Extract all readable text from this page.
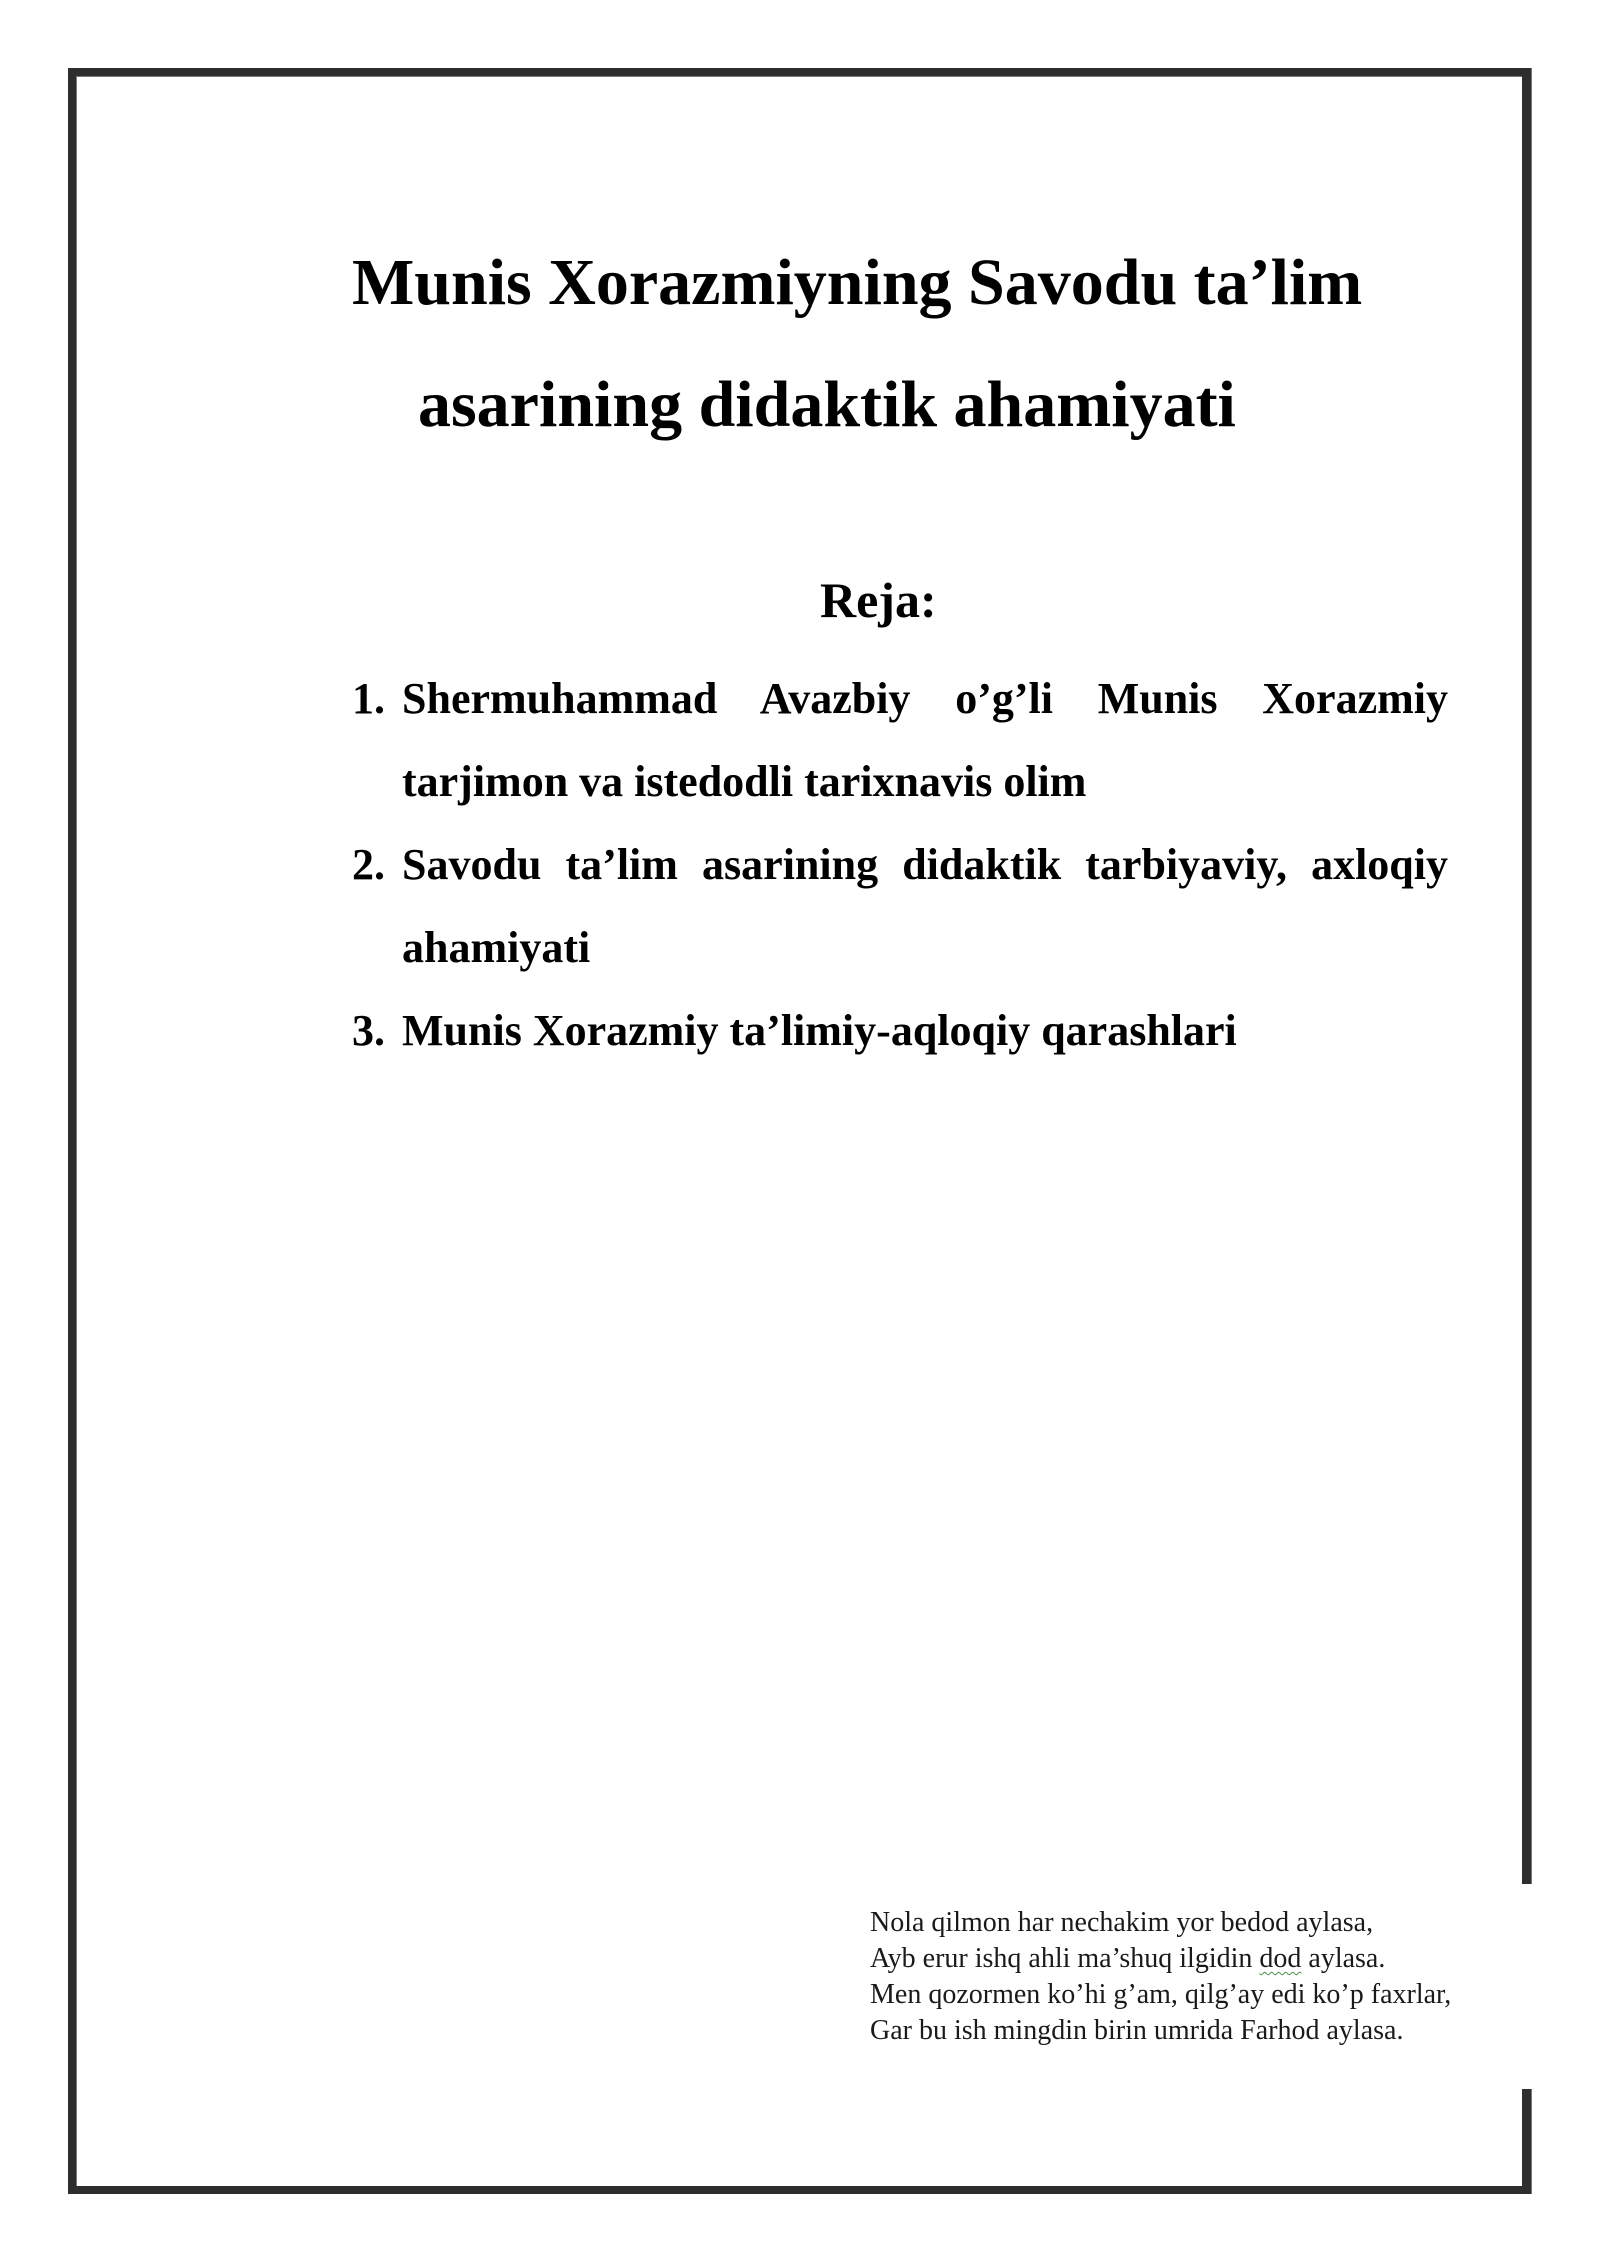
Munis Xorazmiyning Savodu ta’lim
asarining didaktik ahamiyati
Reja:
1. Shermuhammad Avazbiy o’g’li Munis Xorazmiy tarjimon va istedodli tarixnavis olim
2. Savodu ta’lim asarining didaktik tarbiyaviy, axloqiy ahamiyati
3. Munis Xorazmiy ta’limiy-aqloqiy qarashlari
Nola qilmon har nechakim yor bedod aylasa,
Ayb erur ishq ahli ma’shuq ilgidin dod aylasa.
Men qozormen ko’hi g’am, qilg’ay edi ko’p faxrlar,
Gar bu ish mingdin birin umrida Farhod aylasa.
